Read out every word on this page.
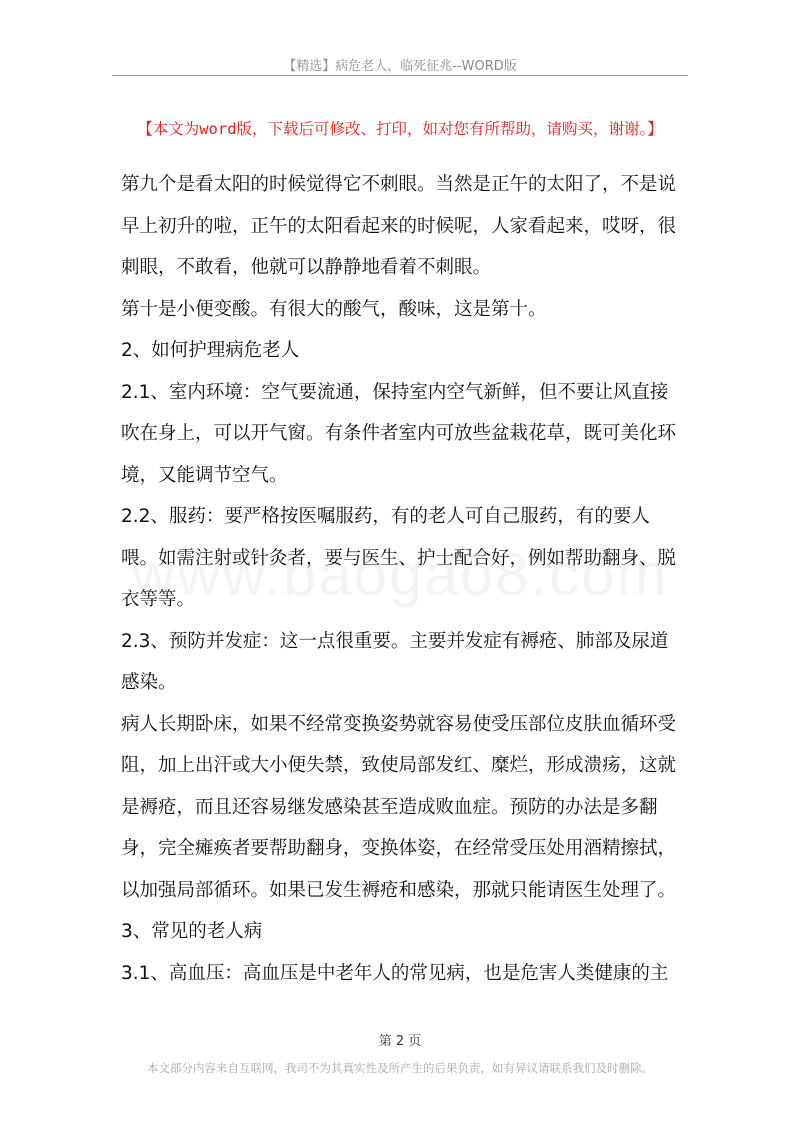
【精选】病危老人，临死征兆--WORD版
【本文为word版，下载后可修改、打印，如对您有所帮助，请购买，谢谢。】

第九个是看太阳的时候觉得它不刺眼。当然是正午的太阳了，不是说早上初升的啦，正午的太阳看起来的时候呢，人家看起来，哎呀，很刺眼，不敢看，他就可以静静地看着不刺眼。

第十是小便变酸。有很大的酸气，酸味，这是第十。

2、如何护理病危老人

2.1、室内环境：空气要流通，保持室内空气新鲜，但不要让风直接吹在身上，可以开气窗。有条件者室内可放些盆栽花草，既可美化环境，又能调节空气。

2.2、服药：要严格按医嘱服药，有的老人可自己服药，有的要人喂。如需注射或针灸者，要与医生、护士配合好，例如帮助翻身、脱衣等等。

2.3、预防并发症：这一点很重要。主要并发症有褥疮、肺部及尿道感染。

病人长期卧床，如果不经常变换姿势就容易使受压部位皮肤血循环受阻，加上出汗或大小便失禁，致使局部发红、糜烂，形成溃疡，这就是褥疮，而且还容易继发感染甚至造成败血症。预防的办法是多翻身，完全瘫痪者要帮助翻身，变换体姿，在经常受压处用酒精擦拭，以加强局部循环。如果已发生褥疮和感染，那就只能请医生处理了。

3、常见的老人病

3.1、高血压：高血压是中老年人的常见病，也是危害人类健康的主

第 2 页
本文部分内容来自互联网，我司不为其真实性及所产生的后果负责，如有异议请联系我们及时删除。
